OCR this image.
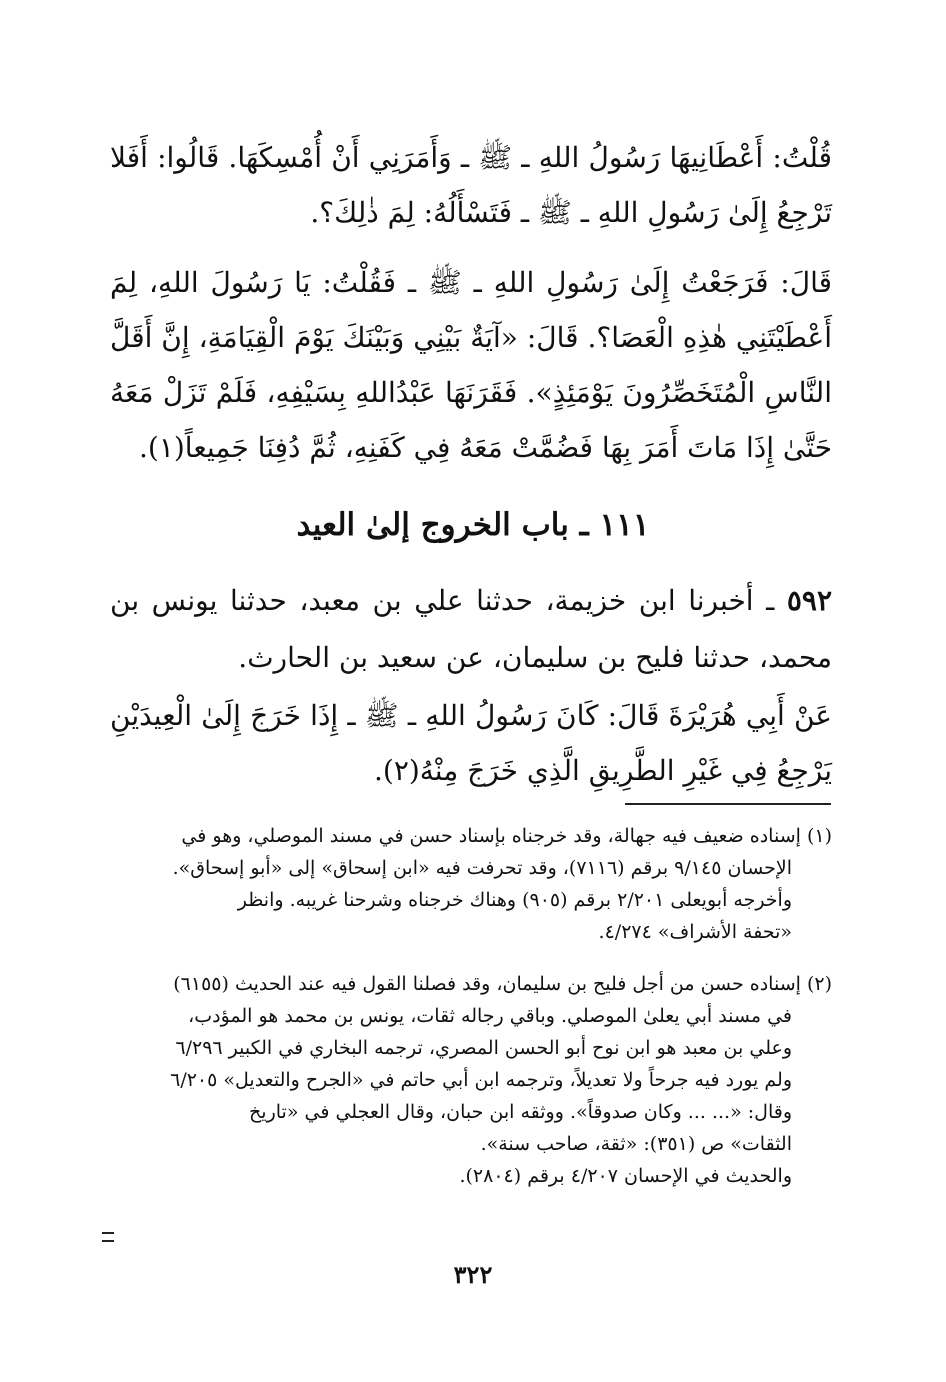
قُلْتُ: أَعْطَانِيهَا رَسُولُ اللهِ ـ ﷺ ـ وَأَمَرَنِي أَنْ أُمْسِكَهَا. قَالُوا: أَفَلا تَرْجِعُ إِلَىٰ رَسُولِ اللهِ ـ ﷺ ـ فَتَسْأَلُهُ: لِمَ ذٰلِكَ؟.

قَالَ: فَرَجَعْتُ إِلَىٰ رَسُولِ اللهِ ـ ﷺ ـ فَقُلْتُ: يَا رَسُولَ اللهِ، لِمَ أَعْطَيْتَنِي هٰذِهِ الْعَصَا؟. قَالَ: «آيَةٌ بَيْنِي وَبَيْنَكَ يَوْمَ الْقِيَامَةِ، إِنَّ أَقَلَّ النَّاسِ الْمُتَخَصِّرُونَ يَوْمَئِذٍ». فَقَرَنَهَا عَبْدُاللهِ بِسَيْفِهِ، فَلَمْ تَزَلْ مَعَهُ حَتَّىٰ إِذَا مَاتَ أَمَرَ بِهَا فَضُمَّتْ مَعَهُ فِي كَفَنِهِ، ثُمَّ دُفِنَا جَمِيعاً(١).

١١١ ـ باب الخروج إلىٰ العيد

٥٩٢ ـ أخبرنا ابن خزيمة، حدثنا علي بن معبد، حدثنا يونس بن محمد، حدثنا فليح بن سليمان، عن سعيد بن الحارث.

عَنْ أَبِي هُرَيْرَةَ قَالَ: كَانَ رَسُولُ اللهِ ـ ﷺ ـ إِذَا خَرَجَ إِلَىٰ الْعِيدَيْنِ يَرْجِعُ فِي غَيْرِ الطَّرِيقِ الَّذِي خَرَجَ مِنْهُ(٢).

(١) إسناده ضعيف فيه جهالة، وقد خرجناه بإسناد حسن في مسند الموصلي، وهو في
الإحسان ٩/١٤٥ برقم (٧١١٦)، وقد تحرفت فيه «ابن إسحاق» إلى «أبو إسحاق».
وأخرجه أبويعلى ٢/٢٠١ برقم (٩٠٥) وهناك خرجناه وشرحنا غريبه. وانظر
«تحفة الأشراف» ٤/٢٧٤.
(٢) إسناده حسن من أجل فليح بن سليمان، وقد فصلنا القول فيه عند الحديث (٦١٥٥)
في مسند أبي يعلىٰ الموصلي. وباقي رجاله ثقات، يونس بن محمد هو المؤدب،
وعلي بن معبد هو ابن نوح أبو الحسن المصري، ترجمه البخاري في الكبير ٦/٢٩٦
ولم يورد فيه جرحاً ولا تعديلاً، وترجمه ابن أبي حاتم في «الجرح والتعديل» ٦/٢٠٥
وقال: «... ... وكان صدوقاً». ووثقه ابن حبان، وقال العجلي في «تاريخ
الثقات» ص (٣٥١): «ثقة، صاحب سنة».
والحديث في الإحسان ٤/٢٠٧ برقم (٢٨٠٤).
٣٢٢
